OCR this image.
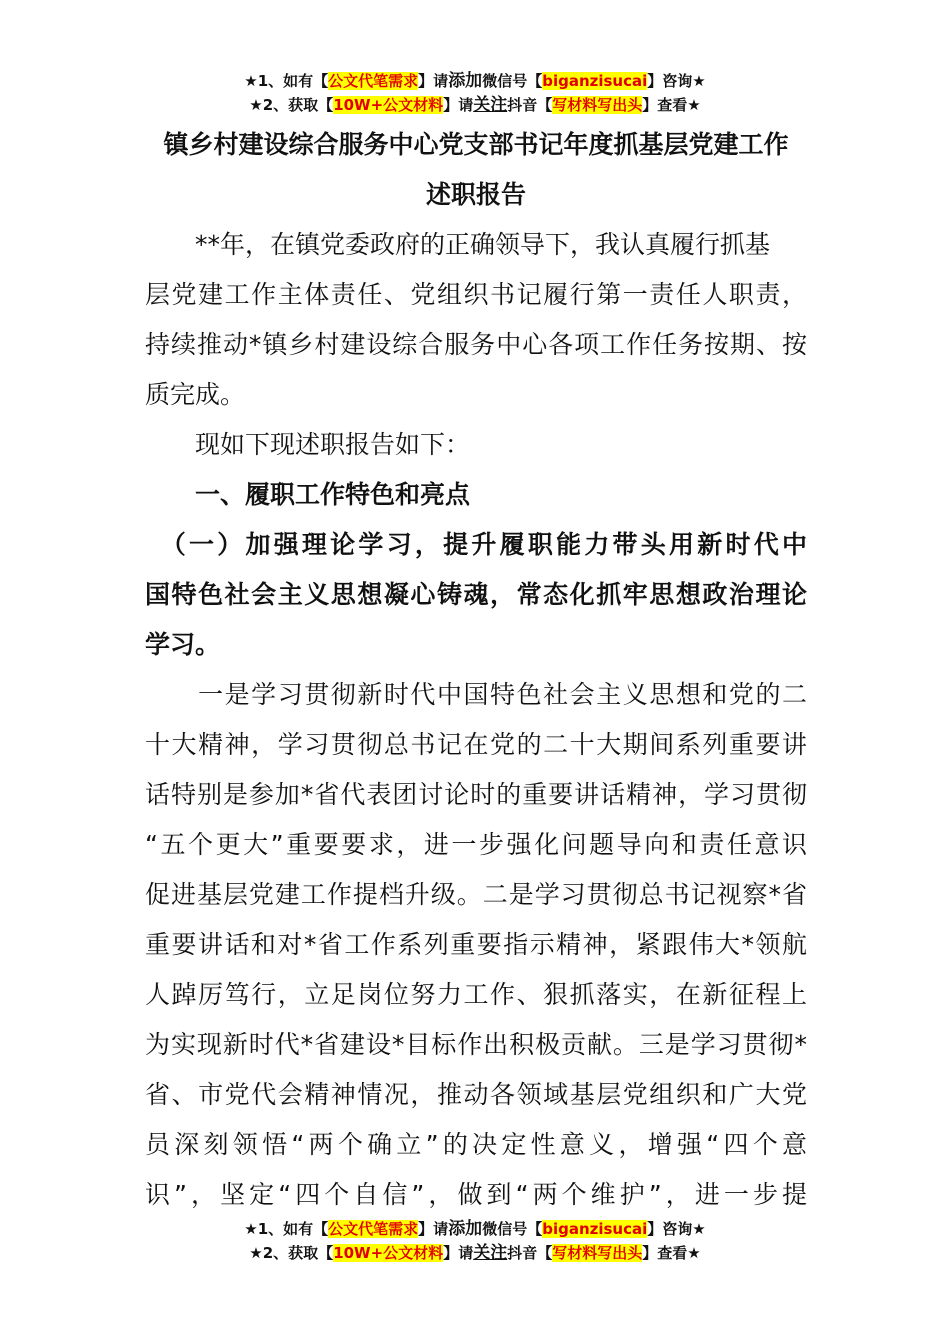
★1、如有【公文代笔需求】请添加微信号【biganzisucai】咨询★
★2、获取【10W+公文材料】请关注抖音【写材料写出头】查看★
镇乡村建设综合服务中心党支部书记年度抓基层党建工作
述职报告
　　**年，在镇党委政府的正确领导下，我认真履行抓基
层党建工作主体责任、党组织书记履行第一责任人职责，
持续推动*镇乡村建设综合服务中心各项工作任务按期、按
质完成。
　　现如下现述职报告如下：
　　一、履职工作特色和亮点
　（一）加强理论学习，提升履职能力带头用新时代中
国特色社会主义思想凝心铸魂，常态化抓牢思想政治理论
学习。
　　一是学习贯彻新时代中国特色社会主义思想和党的二
十大精神，学习贯彻总书记在党的二十大期间系列重要讲
话特别是参加*省代表团讨论时的重要讲话精神，学习贯彻
“五个更大”重要要求，进一步强化问题导向和责任意识
促进基层党建工作提档升级。二是学习贯彻总书记视察*省
重要讲话和对*省工作系列重要指示精神，紧跟伟大*领航
人踔厉笃行，立足岗位努力工作、狠抓落实，在新征程上
为实现新时代*省建设*目标作出积极贡献。三是学习贯彻*
省、市党代会精神情况，推动各领域基层党组织和广大党
员深刻领悟“两个确立”的决定性意义，增强“四个意
识”，坚定“四个自信”，做到“两个维护”，进一步提
★1、如有【公文代笔需求】请添加微信号【biganzisucai】咨询★
★2、获取【10W+公文材料】请关注抖音【写材料写出头】查看★
